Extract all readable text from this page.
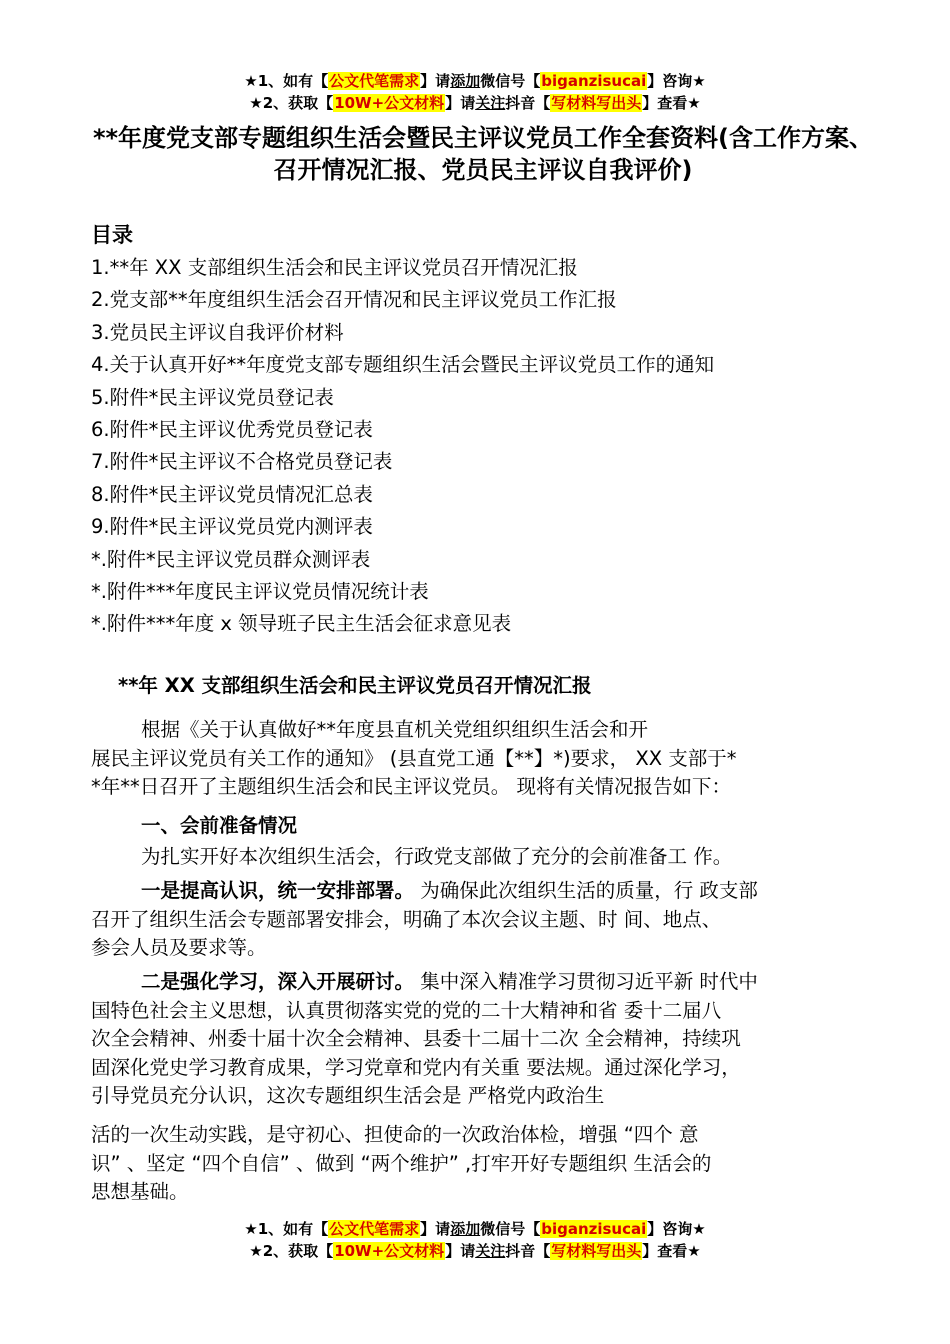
★1、如有【公文代笔需求】请添加微信号【biganzisucai】咨询★
★2、获取【10W+公文材料】请关注抖音【写材料写出头】查看★
**年度党支部专题组织生活会暨民主评议党员工作全套资料(含工作方案、召开情况汇报、党员民主评议自我评价)
目录
1.**年 XX 支部组织生活会和民主评议党员召开情况汇报
2.党支部**年度组织生活会召开情况和民主评议党员工作汇报
3.党员民主评议自我评价材料
4.关于认真开好**年度党支部专题组织生活会暨民主评议党员工作的通知
5.附件*民主评议党员登记表
6.附件*民主评议优秀党员登记表
7.附件*民主评议不合格党员登记表
8.附件*民主评议党员情况汇总表
9.附件*民主评议党员党内测评表
*.附件*民主评议党员群众测评表
*.附件***年度民主评议党员情况统计表
*.附件***年度 x 领导班子民主生活会征求意见表
**年 XX 支部组织生活会和民主评议党员召开情况汇报
根据《关于认真做好**年度县直机关党组织组织生活会和开
展民主评议党员有关工作的通知》 (县直党工通【**】*)要求， XX 支部于*
*年**日召开了主题组织生活会和民主评议党员。 现将有关情况报告如下：
一、会前准备情况
为扎实开好本次组织生活会，行政党支部做了充分的会前准备工 作。
一是提高认识，统一安排部署。 为确保此次组织生活的质量，行 政支部
召开了组织生活会专题部署安排会，明确了本次会议主题、时 间、地点、
参会人员及要求等。
二是强化学习，深入开展研讨。 集中深入精准学习贯彻习近平新 时代中
国特色社会主义思想，认真贯彻落实党的党的二十大精神和省 委十二届八
次全会精神、州委十届十次全会精神、县委十二届十二次 全会精神，持续巩
固深化党史学习教育成果，学习党章和党内有关重 要法规。通过深化学习，
引导党员充分认识，这次专题组织生活会是 严格党内政治生
活的一次生动实践，是守初心、担使命的一次政治体检，增强 “四个 意
识” 、坚定 “四个自信” 、做到 “两个维护” ,打牢开好专题组织 生活会的
思想基础。
★1、如有【公文代笔需求】请添加微信号【biganzisucai】咨询★
★2、获取【10W+公文材料】请关注抖音【写材料写出头】查看★
